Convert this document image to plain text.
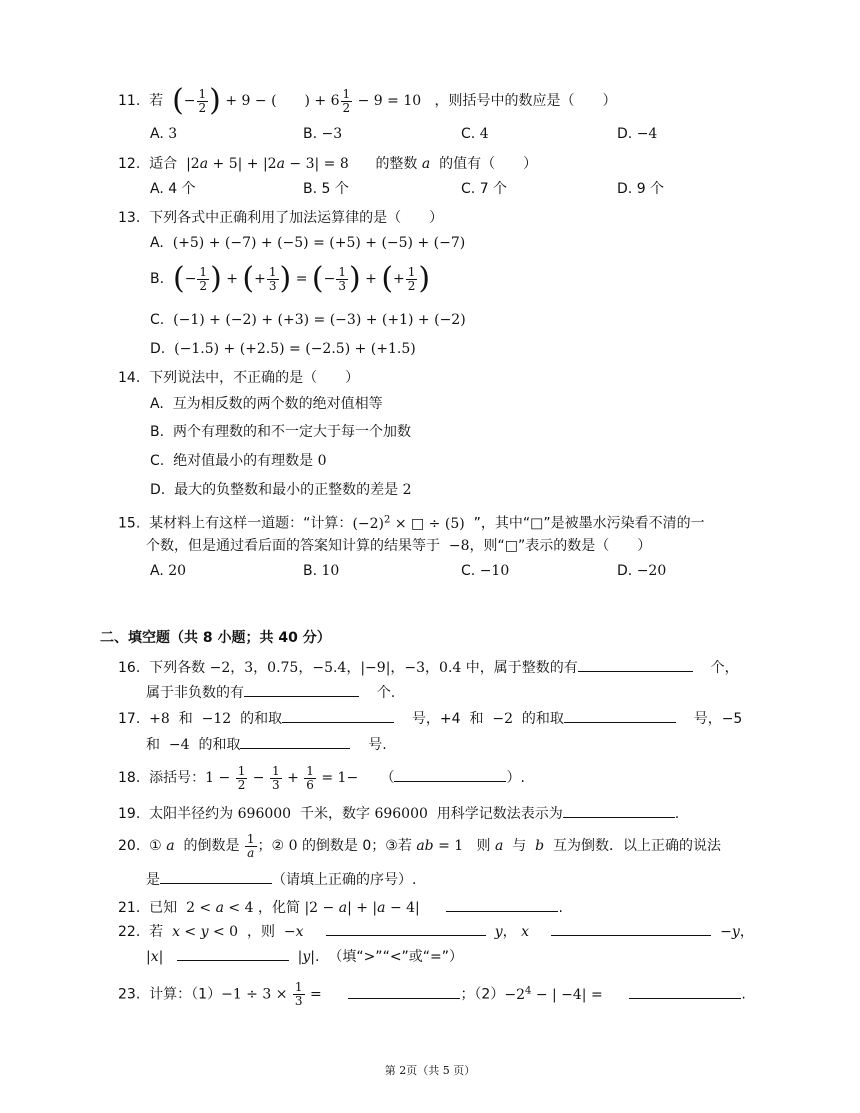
11. 若 (− $\frac{1}{2}$ ) + 9 − (　　) + $6 \frac{1}{2} - 9 = 10$ ，则括号中的数应是（　　）
A. 3	B. −3	C. 4	D. −4
12. 适合 |2a + 5| + |2a − 3| = 8 的整数 a 的值有（　　）
A. 4 个	B. 5 个	C. 7 个	D. 9 个
13. 下列各式中正确利用了加法运算律的是（　　）
A.  (+5) + (−7) + (−5) = (+5) + (−5) + (−7)
B.  (− $\frac{1}{2}$ ) + (+ $\frac{1}{3}$ ) = (− $\frac{1}{3}$ ) + (+ $\frac{1}{2}$ )
C.  (−1) + (−2) + (+3) = (−3) + (+1) + (−2)
D.  (−1.5) + (+2.5) = (−2.5) + (+1.5)
14. 下列说法中，不正确的是（　　）
A.  互为相反数的两个数的绝对值相等
B.  两个有理数的和不一定大于每一个加数
C.  绝对值最小的有理数是 0
D.  最大的负整数和最小的正整数的差是 2
15. 某材料上有这样一道题：“计算：$(-2)^2$ × □ ÷ (5) ”，其中“□”是被墨水污染看不清的一
个数，但是通过看后面的答案知计算的结果等于 −8，则“□”表示的数是（　　）
A. 20	B. 10	C. −10	D. −20
二、填空题（共 8 小题；共 40 分）
16. 下列各数 −2，3，0.75，−5.4，|−9|，−3，0.4 中，属于整数的有	个，
属于非负数的有	个.
17. +8 和 −12 的和取	号，+4 和 −2 的和取	号，−5
和 −4 的和取	号.
18. 添括号：$1 - \frac{1}{2} - \frac{1}{3} + \frac{1}{6} = 1-$ （	）.
19. 太阳半径约为 696000 千米，数字 696000 用科学记数法表示为	.
20. ① a 的倒数是 $\frac{1}{a}$ ；② 0 的倒数是 0；③若 ab = 1 则 a 与 b 互为倒数．以上正确的说法
是	（请填上正确的序号）.
21. 已知 2 < a < 4 ，化简 |2 − a| + |a − 4|	.
22. 若 x < y < 0 ，则 −x	y， x	−y，
|x|	|y|.  （填“>”“<”或“=”）
23. 计算：$(1)-1 \div 3 \times \frac{1}{3}$ =	；$(2)-2^4$ − | −4| =	.
第 2页（共 5 页）
